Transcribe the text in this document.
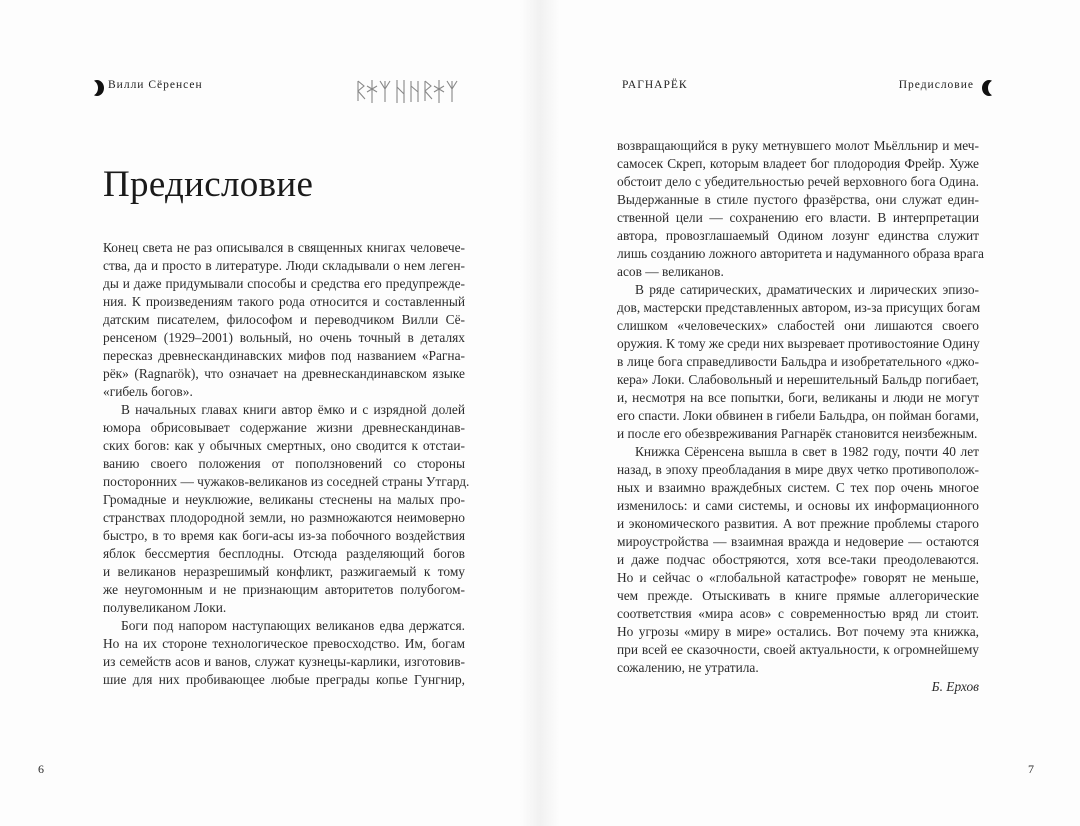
Вилли Сёренсен	РАГНАРЁК	Предисловие
Предисловие
Конец света не раз описывался в священных книгах человече-
ства, да и просто в литературе. Люди складывали о нем леген-
ды и даже придумывали способы и средства его предупрежде-
ния. К произведениям такого рода относится и составленный
датским писателем, философом и переводчиком Вилли Сё-
ренсеном (1929–2001) вольный, но очень точный в деталях
пересказ древнескандинавских мифов под названием «Рагна-
рёк» (Ragnarök), что означает на древнескандинавском языке
«гибель богов».
В начальных главах книги автор ёмко и с изрядной долей
юмора обрисовывает содержание жизни древнескандинав-
ских богов: как у обычных смертных, оно сводится к отстаи-
ванию своего положения от поползновений со стороны
посторонних — чужаков-великанов из соседней страны Утгард.
Громадные и неуклюжие, великаны стеснены на малых про-
странствах плодородной земли, но размножаются неимоверно
быстро, в то время как боги-асы из-за побочного воздействия
яблок бессмертия бесплодны. Отсюда разделяющий богов
и великанов неразрешимый конфликт, разжигаемый к тому
же неугомонным и не признающим авторитетов полубогом-
полувеликаном Локи.
Боги под напором наступающих великанов едва держатся.
Но на их стороне технологическое превосходство. Им, богам
из семейств асов и ванов, служат кузнецы-карлики, изготовив-
шие для них пробивающее любые преграды копье Гунгнир,
возвращающийся в руку метнувшего молот Мьёлльнир и меч-
самосек Скреп, которым владеет бог плодородия Фрейр. Хуже
обстоит дело с убедительностью речей верховного бога Одина.
Выдержанные в стиле пустого фразёрства, они служат един-
ственной цели — сохранению его власти. В интерпретации
автора, провозглашаемый Одином лозунг единства служит
лишь созданию ложного авторитета и надуманного образа врага
асов — великанов.
В ряде сатирических, драматических и лирических эпизо-
дов, мастерски представленных автором, из-за присущих богам
слишком «человеческих» слабостей они лишаются своего
оружия. К тому же среди них вызревает противостояние Одину
в лице бога справедливости Бальдра и изобретательного «джо-
кера» Локи. Слабовольный и нерешительный Бальдр погибает,
и, несмотря на все попытки, боги, великаны и люди не могут
его спасти. Локи обвинен в гибели Бальдра, он пойман богами,
и после его обезвреживания Рагнарёк становится неизбежным.
Книжка Сёренсена вышла в свет в 1982 году, почти 40 лет
назад, в эпоху преобладания в мире двух четко противополож-
ных и взаимно враждебных систем. С тех пор очень многое
изменилось: и сами системы, и основы их информационного
и экономического развития. А вот прежние проблемы старого
мироустройства — взаимная вражда и недоверие — остаются
и даже подчас обостряются, хотя все-таки преодолеваются.
Но и сейчас о «глобальной катастрофе» говорят не меньше,
чем прежде. Отыскивать в книге прямые аллегорические
соответствия «мира асов» с современностью вряд ли стоит.
Но угрозы «миру в мире» остались. Вот почему эта книжка,
при всей ее сказочности, своей актуальности, к огромнейшему
сожалению, не утратила.
Б. Ерхов
6	7
